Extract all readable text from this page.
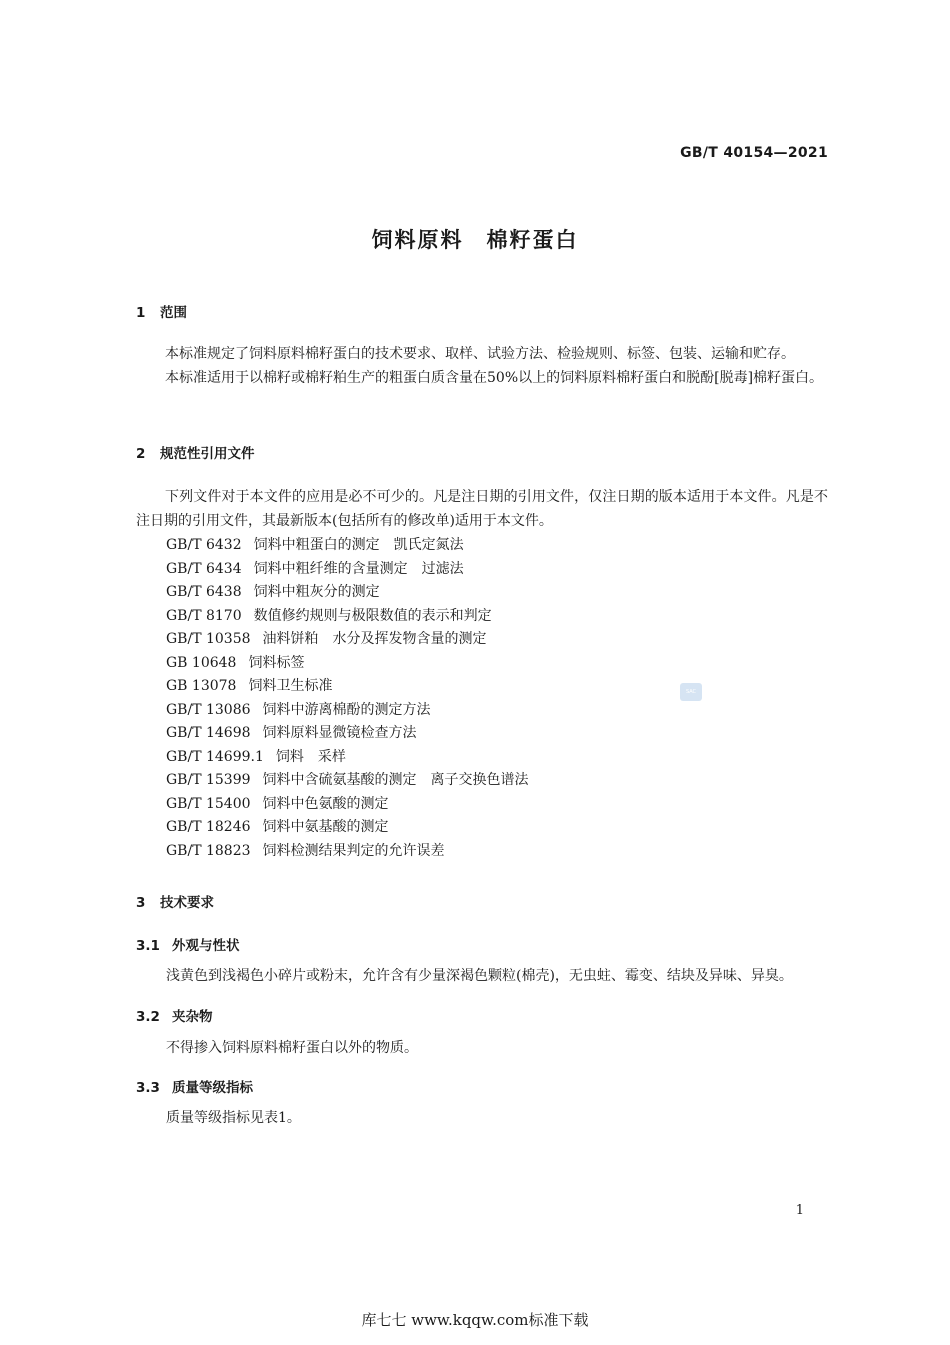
GB/T 40154—2021
饲料原料　棉籽蛋白
1 范围
本标准规定了饲料原料棉籽蛋白的技术要求、取样、试验方法、检验规则、标签、包装、运输和贮存。
本标准适用于以棉籽或棉籽粕生产的粗蛋白质含量在50%以上的饲料原料棉籽蛋白和脱酚[脱毒]棉籽蛋白。
2 规范性引用文件
下列文件对于本文件的应用是必不可少的。凡是注日期的引用文件，仅注日期的版本适用于本文件。凡是不注日期的引用文件，其最新版本(包括所有的修改单)适用于本文件。
GB/T 6432 饲料中粗蛋白的测定　凯氏定氮法
GB/T 6434 饲料中粗纤维的含量测定　过滤法
GB/T 6438 饲料中粗灰分的测定
GB/T 8170 数值修约规则与极限数值的表示和判定
GB/T 10358 油料饼粕　水分及挥发物含量的测定
GB 10648 饲料标签
GB 13078 饲料卫生标准
GB/T 13086 饲料中游离棉酚的测定方法
GB/T 14698 饲料原料显微镜检查方法
GB/T 14699.1 饲料　采样
GB/T 15399 饲料中含硫氨基酸的测定　离子交换色谱法
GB/T 15400 饲料中色氨酸的测定
GB/T 18246 饲料中氨基酸的测定
GB/T 18823 饲料检测结果判定的允许误差
SAC
3 技术要求
3.1 外观与性状
浅黄色到浅褐色小碎片或粉末，允许含有少量深褐色颗粒(棉壳)，无虫蛀、霉变、结块及异味、异臭。
3.2 夹杂物
不得掺入饲料原料棉籽蛋白以外的物质。
3.3 质量等级指标
质量等级指标见表1。
1
库七七 www.kqqw.com标准下载
